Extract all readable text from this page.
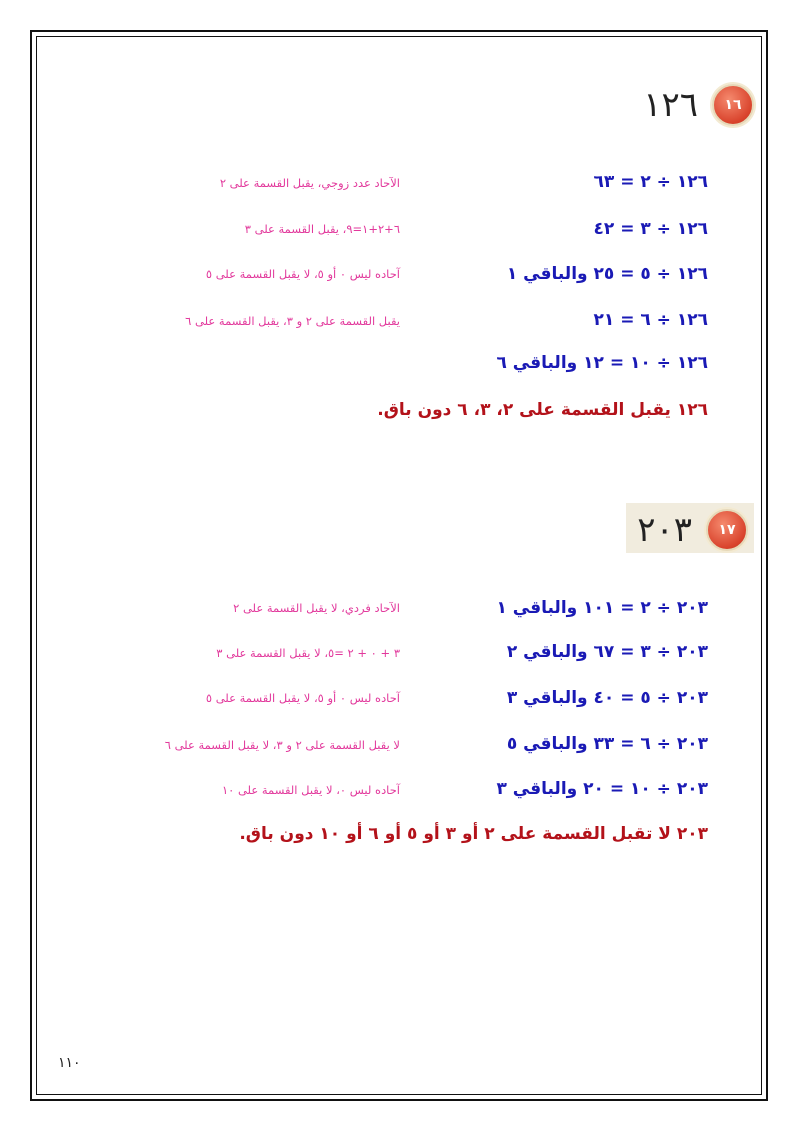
١٢٦	١٦
١٢٦ ÷ ٢ = ٦٣
الآحاد عدد زوجي، يقبل القسمة على ٢
١٢٦ ÷ ٣ = ٤٢
٦+٢+١=٩، يقبل القسمة على ٣
١٢٦ ÷ ٥ = ٢٥ والباقي ١
آحاده ليس ٠ أو ٥، لا يقبل القسمة على ٥
١٢٦ ÷ ٦ = ٢١
يقبل القسمة على ٢ و ٣، يقبل القسمة على ٦
١٢٦ ÷ ١٠ = ١٢ والباقي ٦
١٢٦ يقبل القسمة على ٢، ٣، ٦ دون باق.
٢٠٣	١٧
٢٠٣ ÷ ٢ = ١٠١ والباقي ١
الآحاد فردي، لا يقبل القسمة على ٢
٢٠٣ ÷ ٣ = ٦٧ والباقي ٢
٣ + ٠ + ٢ =٥، لا يقبل القسمة على ٣
٢٠٣ ÷ ٥ = ٤٠ والباقي ٣
آحاده ليس ٠ أو ٥، لا يقبل القسمة على ٥
٢٠٣ ÷ ٦ = ٣٣ والباقي ٥
لا يقبل القسمة على ٢ و ٣، لا يقبل القسمة على ٦
٢٠٣ ÷ ١٠ = ٢٠ والباقي ٣
آحاده ليس ٠، لا يقبل القسمة على ١٠
٢٠٣ لا تقبل القسمة على ٢ أو ٣ أو ٥ أو ٦ أو ١٠ دون باق.
١١٠
